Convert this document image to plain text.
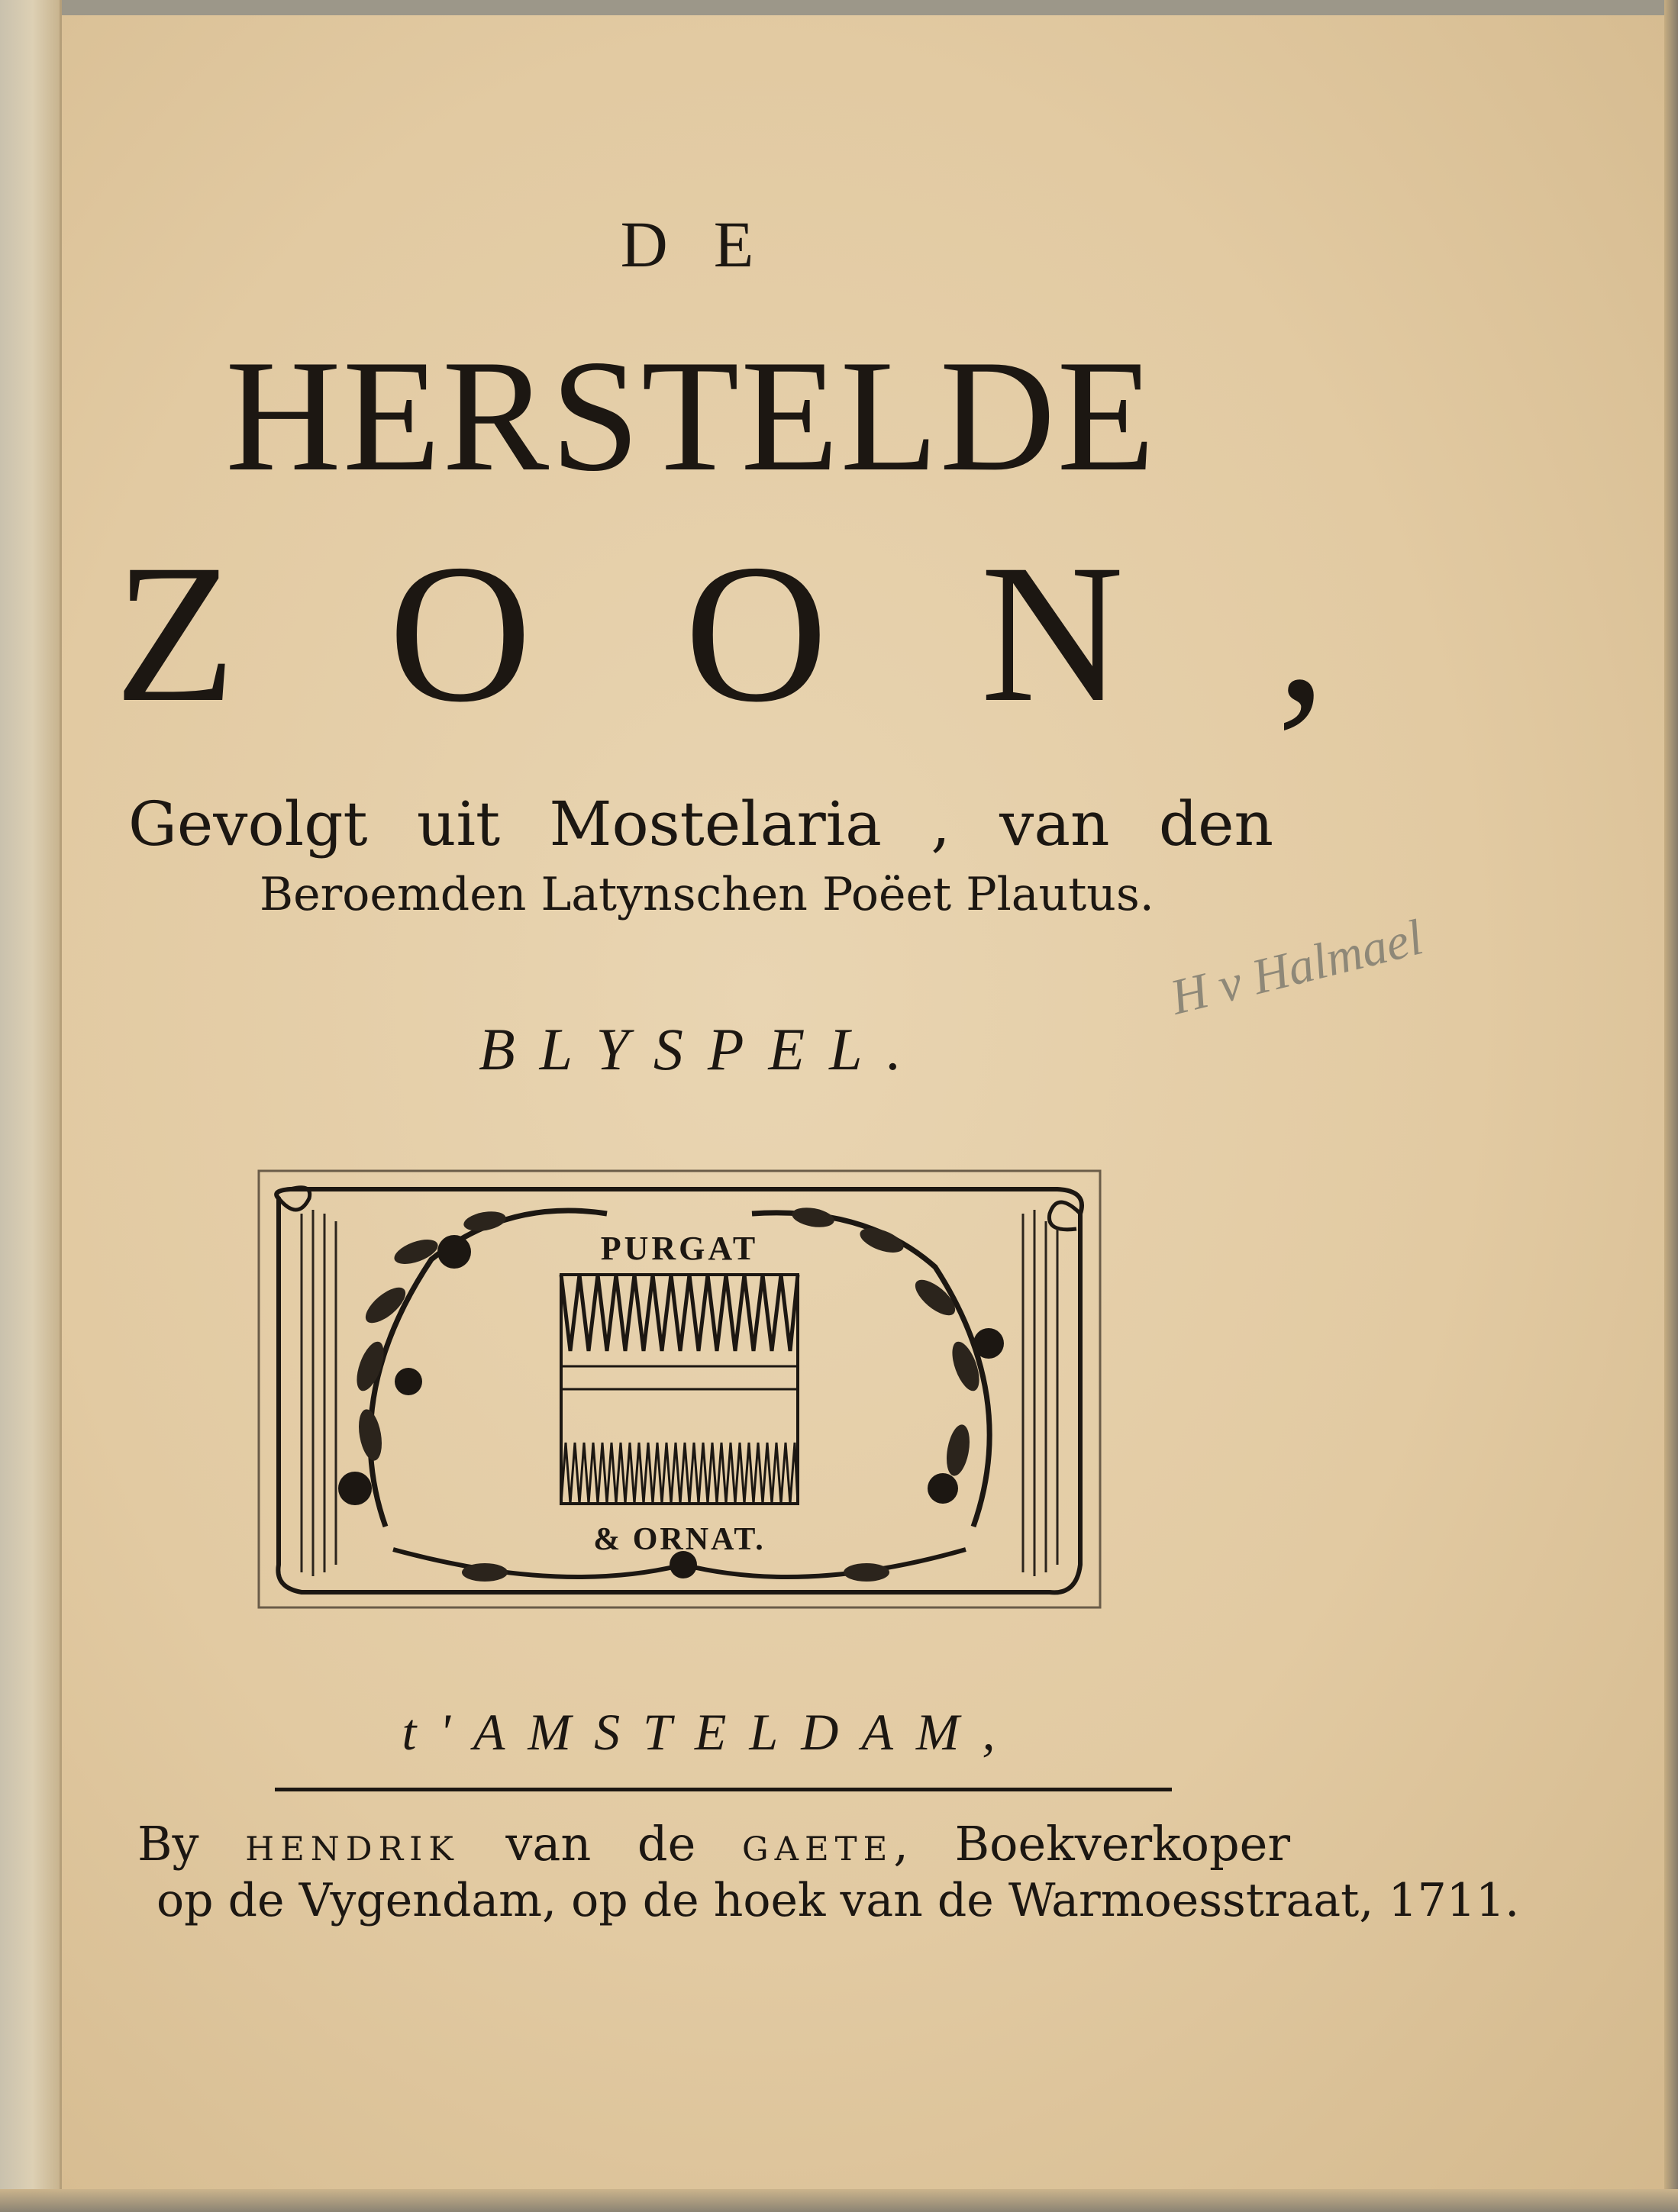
DE
HERSTELDE
ZOON,
Gevolgt uit Mostelaria , van den
Beroemden Latynschen Poëet Plautus.
BLYSPEL.
H v Halmael
PURGAT
& ORNAT.
t'AMSTELDAM,
By HENDRIK van de GAETE, Boekverkoper
op de Vygendam, op de hoek van de Warmoesstraat, 1711.
